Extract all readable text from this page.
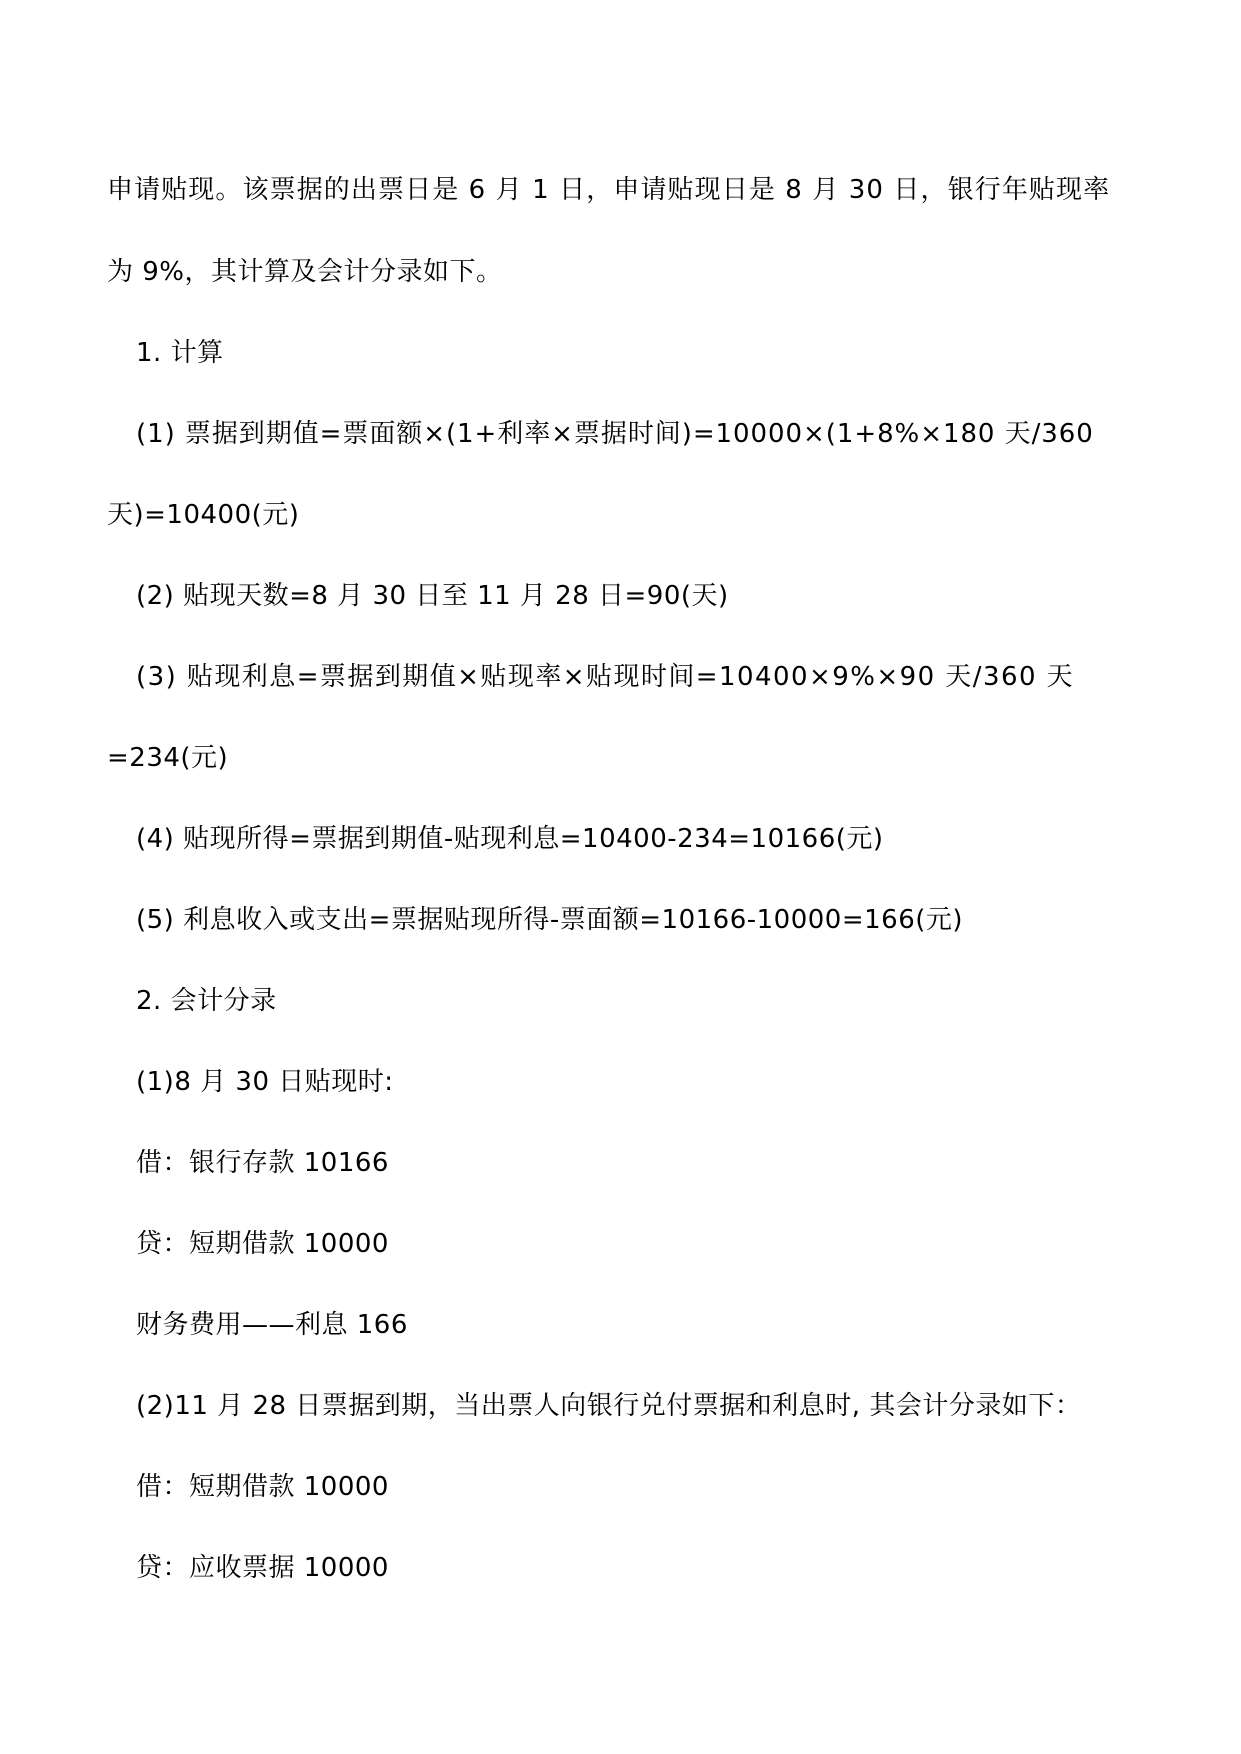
申请贴现。该票据的出票日是 6 月 1 日，申请贴现日是 8 月 30 日，银行年贴现率
为 9%，其计算及会计分录如下。
1. 计算
(1) 票据到期值=票面额×(1+利率×票据时间)=10000×(1+8%×180 天/360
天)=10400(元)
(2) 贴现天数=8 月 30 日至 11 月 28 日=90(天)
(3) 贴现利息=票据到期值×贴现率×贴现时间=10400×9%×90 天/360 天
=234(元)
(4) 贴现所得=票据到期值-贴现利息=10400-234=10166(元)
(5) 利息收入或支出=票据贴现所得-票面额=10166-10000=166(元)
2. 会计分录
(1)8 月 30 日贴现时:
借：银行存款 10166
贷：短期借款 10000
财务费用——利息 166
(2)11 月 28 日票据到期，当出票人向银行兑付票据和利息时, 其会计分录如下：
借：短期借款 10000
贷：应收票据 10000
